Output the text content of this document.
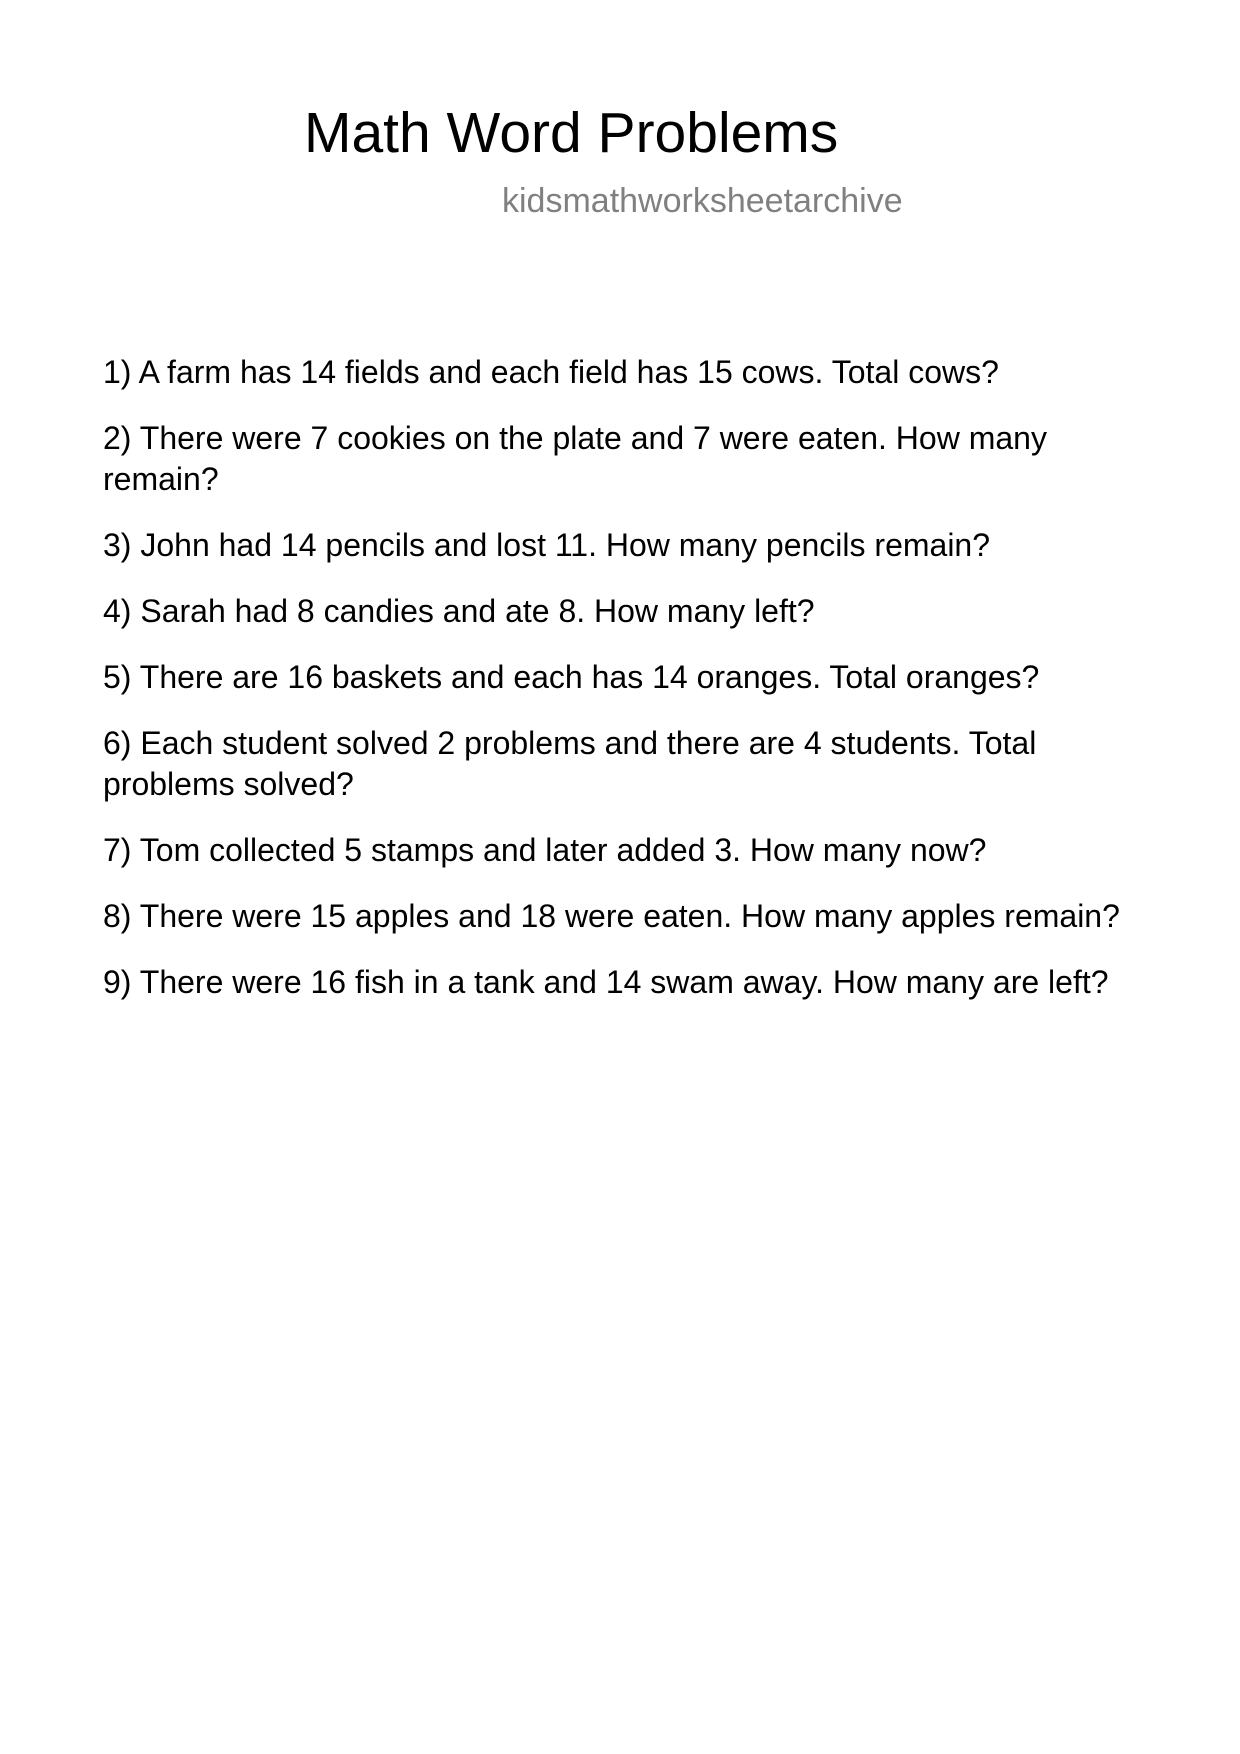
Math Word Problems
kidsmathworksheetarchive
1) A farm has 14 fields and each field has 15 cows. Total cows?
2) There were 7 cookies on the plate and 7 were eaten. How many remain?
3) John had 14 pencils and lost 11. How many pencils remain?
4) Sarah had 8 candies and ate 8. How many left?
5) There are 16 baskets and each has 14 oranges. Total oranges?
6) Each student solved 2 problems and there are 4 students. Total problems solved?
7) Tom collected 5 stamps and later added 3. How many now?
8) There were 15 apples and 18 were eaten. How many apples remain?
9) There were 16 fish in a tank and 14 swam away. How many are left?
